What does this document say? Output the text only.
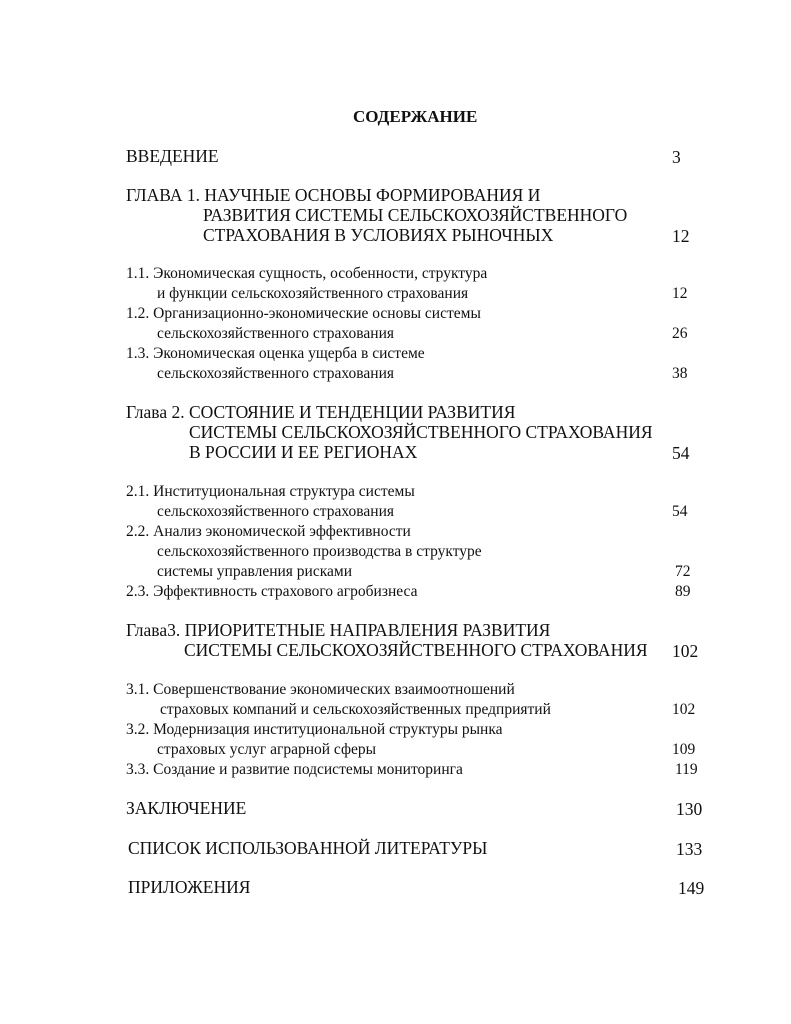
СОДЕРЖАНИЕ
ВВЕДЕНИЕ	3
ГЛАВА 1. НАУЧНЫЕ ОСНОВЫ ФОРМИРОВАНИЯ И
РАЗВИТИЯ СИСТЕМЫ СЕЛЬСКОХОЗЯЙСТВЕННОГО
СТРАХОВАНИЯ В УСЛОВИЯХ РЫНОЧНЫХ	12
1.1. Экономическая сущность, особенности, структура
и функции сельскохозяйственного страхования	12
1.2. Организационно-экономические основы системы
сельскохозяйственного страхования	26
1.3. Экономическая оценка ущерба в системе
сельскохозяйственного страхования	38
Глава 2. СОСТОЯНИЕ И ТЕНДЕНЦИИ РАЗВИТИЯ
СИСТЕМЫ СЕЛЬСКОХОЗЯЙСТВЕННОГО СТРАХОВАНИЯ
В РОССИИ И ЕЕ РЕГИОНАХ	54
2.1. Институциональная структура системы
сельскохозяйственного страхования	54
2.2. Анализ экономической эффективности
сельскохозяйственного производства в структуре
системы управления рисками	72
2.3. Эффективность страхового агробизнеса	89
Глава3. ПРИОРИТЕТНЫЕ НАПРАВЛЕНИЯ РАЗВИТИЯ
СИСТЕМЫ СЕЛЬСКОХОЗЯЙСТВЕННОГО СТРАХОВАНИЯ 102
3.1. Совершенствование экономических взаимоотношений
страховых компаний и сельскохозяйственных предприятий	102
3.2. Модернизация институциональной структуры рынка
страховых услуг аграрной сферы	109
3.3. Создание и развитие подсистемы мониторинга	119
ЗАКЛЮЧЕНИЕ	130
СПИСОК ИСПОЛЬЗОВАННОЙ ЛИТЕРАТУРЫ	133
ПРИЛОЖЕНИЯ	149
